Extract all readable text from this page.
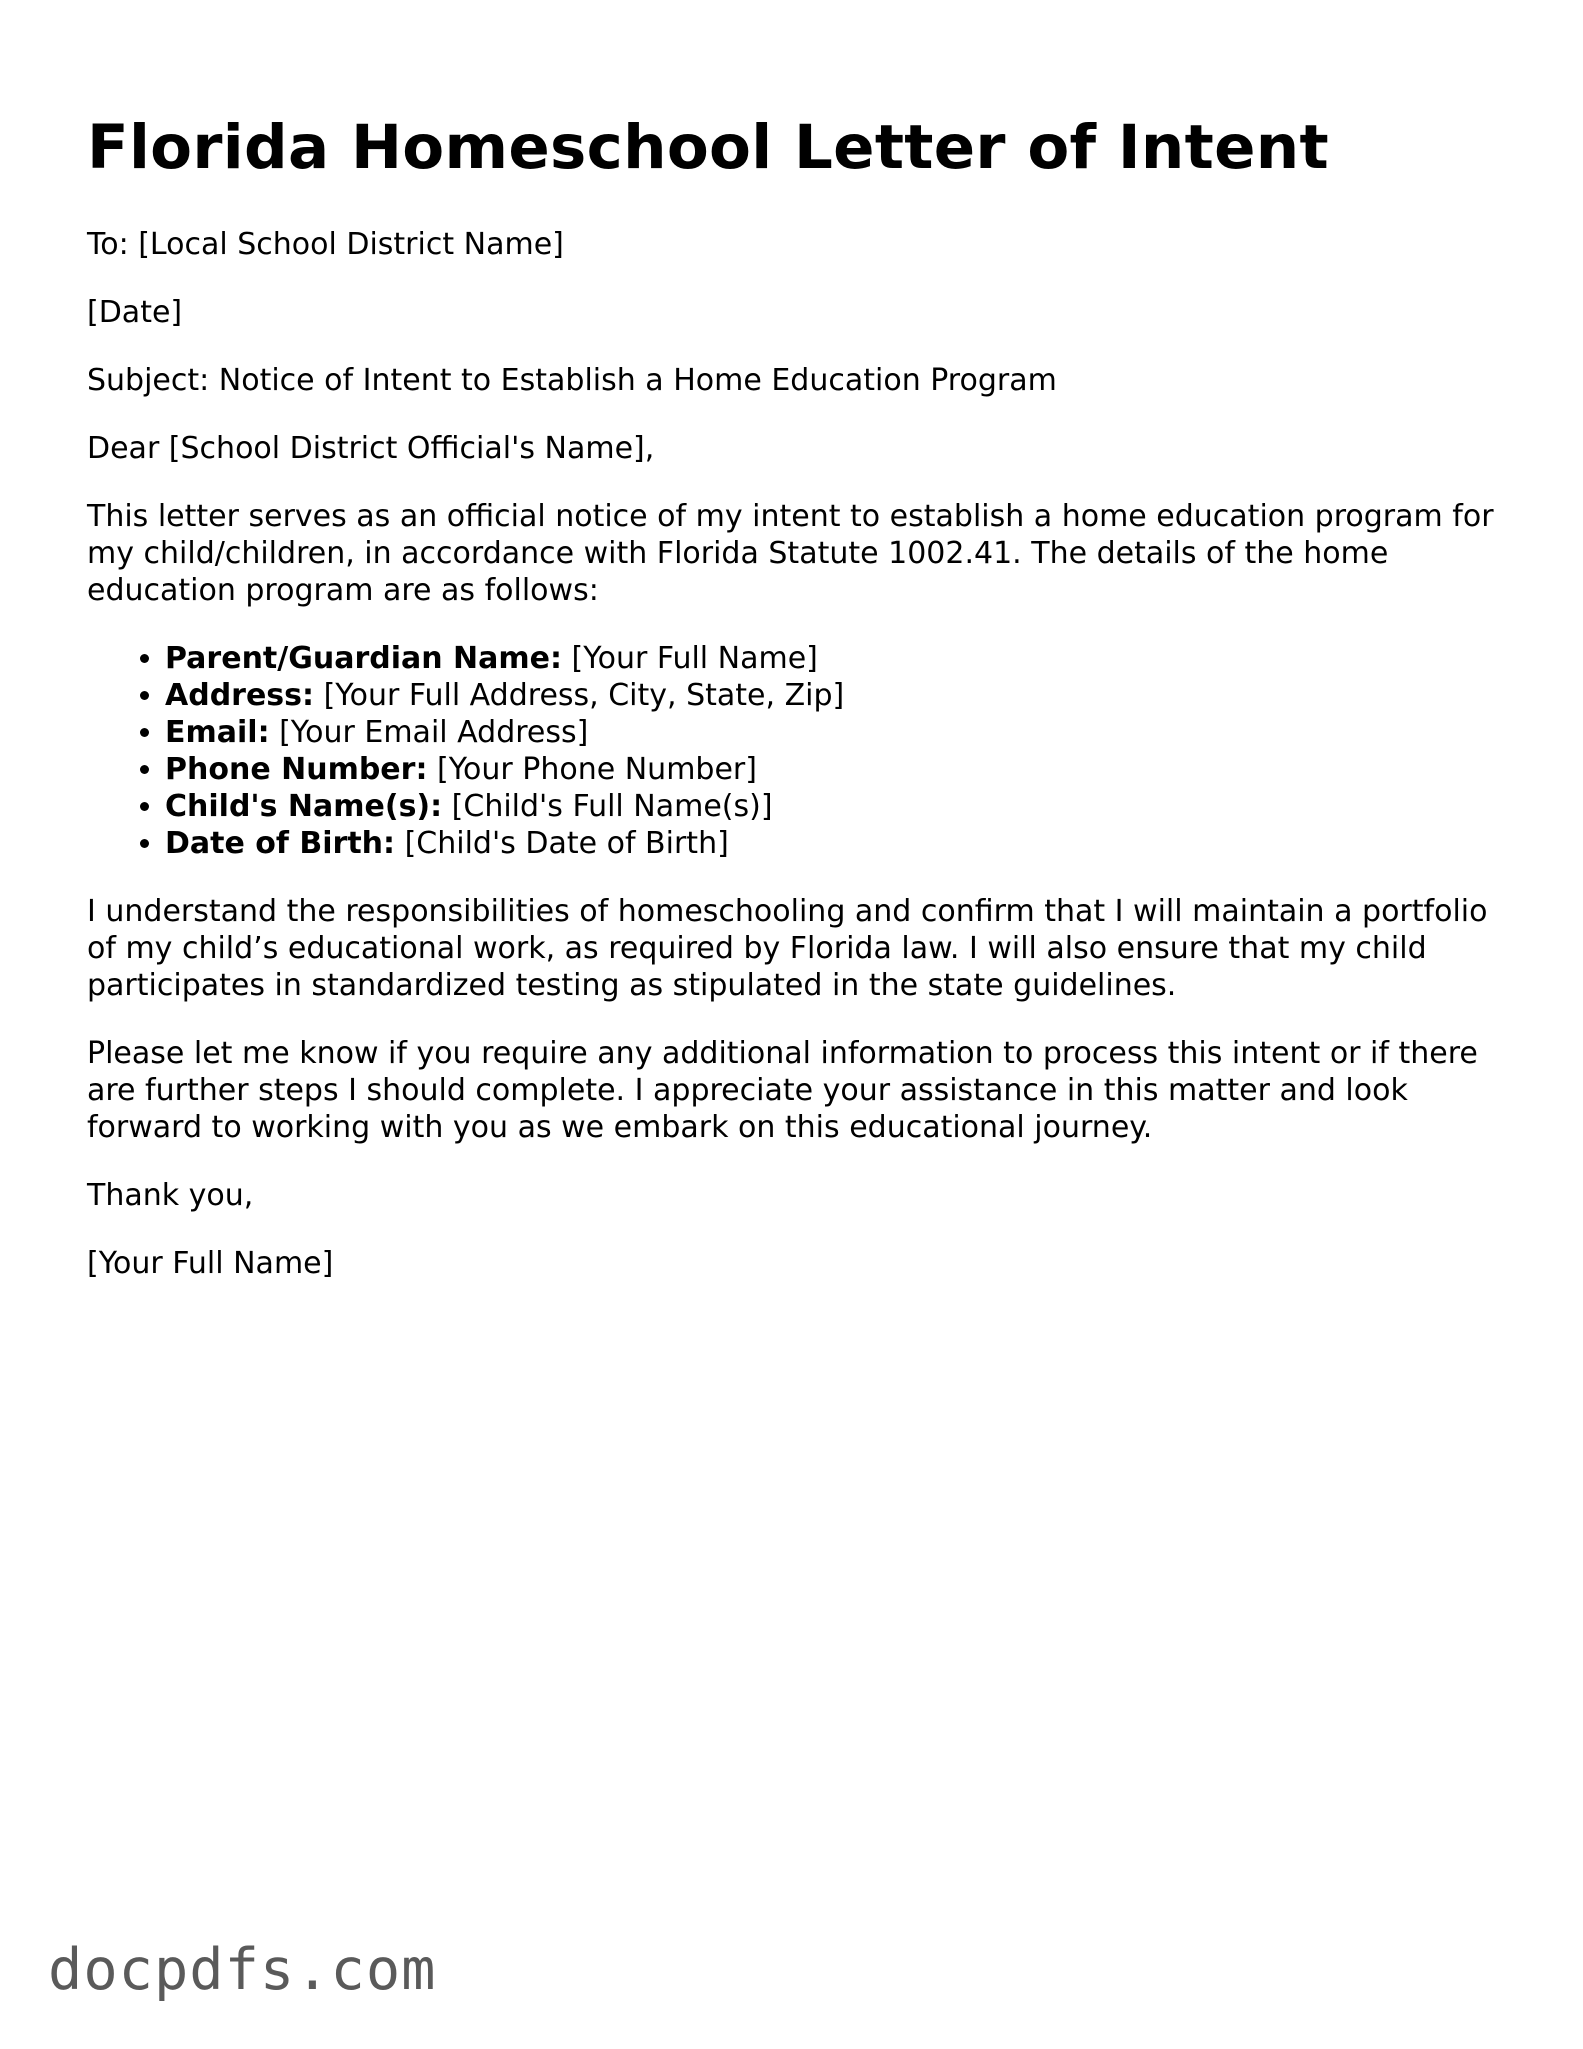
Florida Homeschool Letter of Intent

To: [Local School District Name]

[Date]

Subject: Notice of Intent to Establish a Home Education Program

Dear [School District Official's Name],

This letter serves as an official notice of my intent to establish a home education program for my child/children, in accordance with Florida Statute 1002.41. The details of the home education program are as follows:

• Parent/Guardian Name: [Your Full Name]
• Address: [Your Full Address, City, State, Zip]
• Email: [Your Email Address]
• Phone Number: [Your Phone Number]
• Child's Name(s): [Child's Full Name(s)]
• Date of Birth: [Child's Date of Birth]

I understand the responsibilities of homeschooling and confirm that I will maintain a portfolio of my child’s educational work, as required by Florida law. I will also ensure that my child participates in standardized testing as stipulated in the state guidelines.

Please let me know if you require any additional information to process this intent or if there are further steps I should complete. I appreciate your assistance in this matter and look forward to working with you as we embark on this educational journey.

Thank you,

[Your Full Name]

docpdfs.com
